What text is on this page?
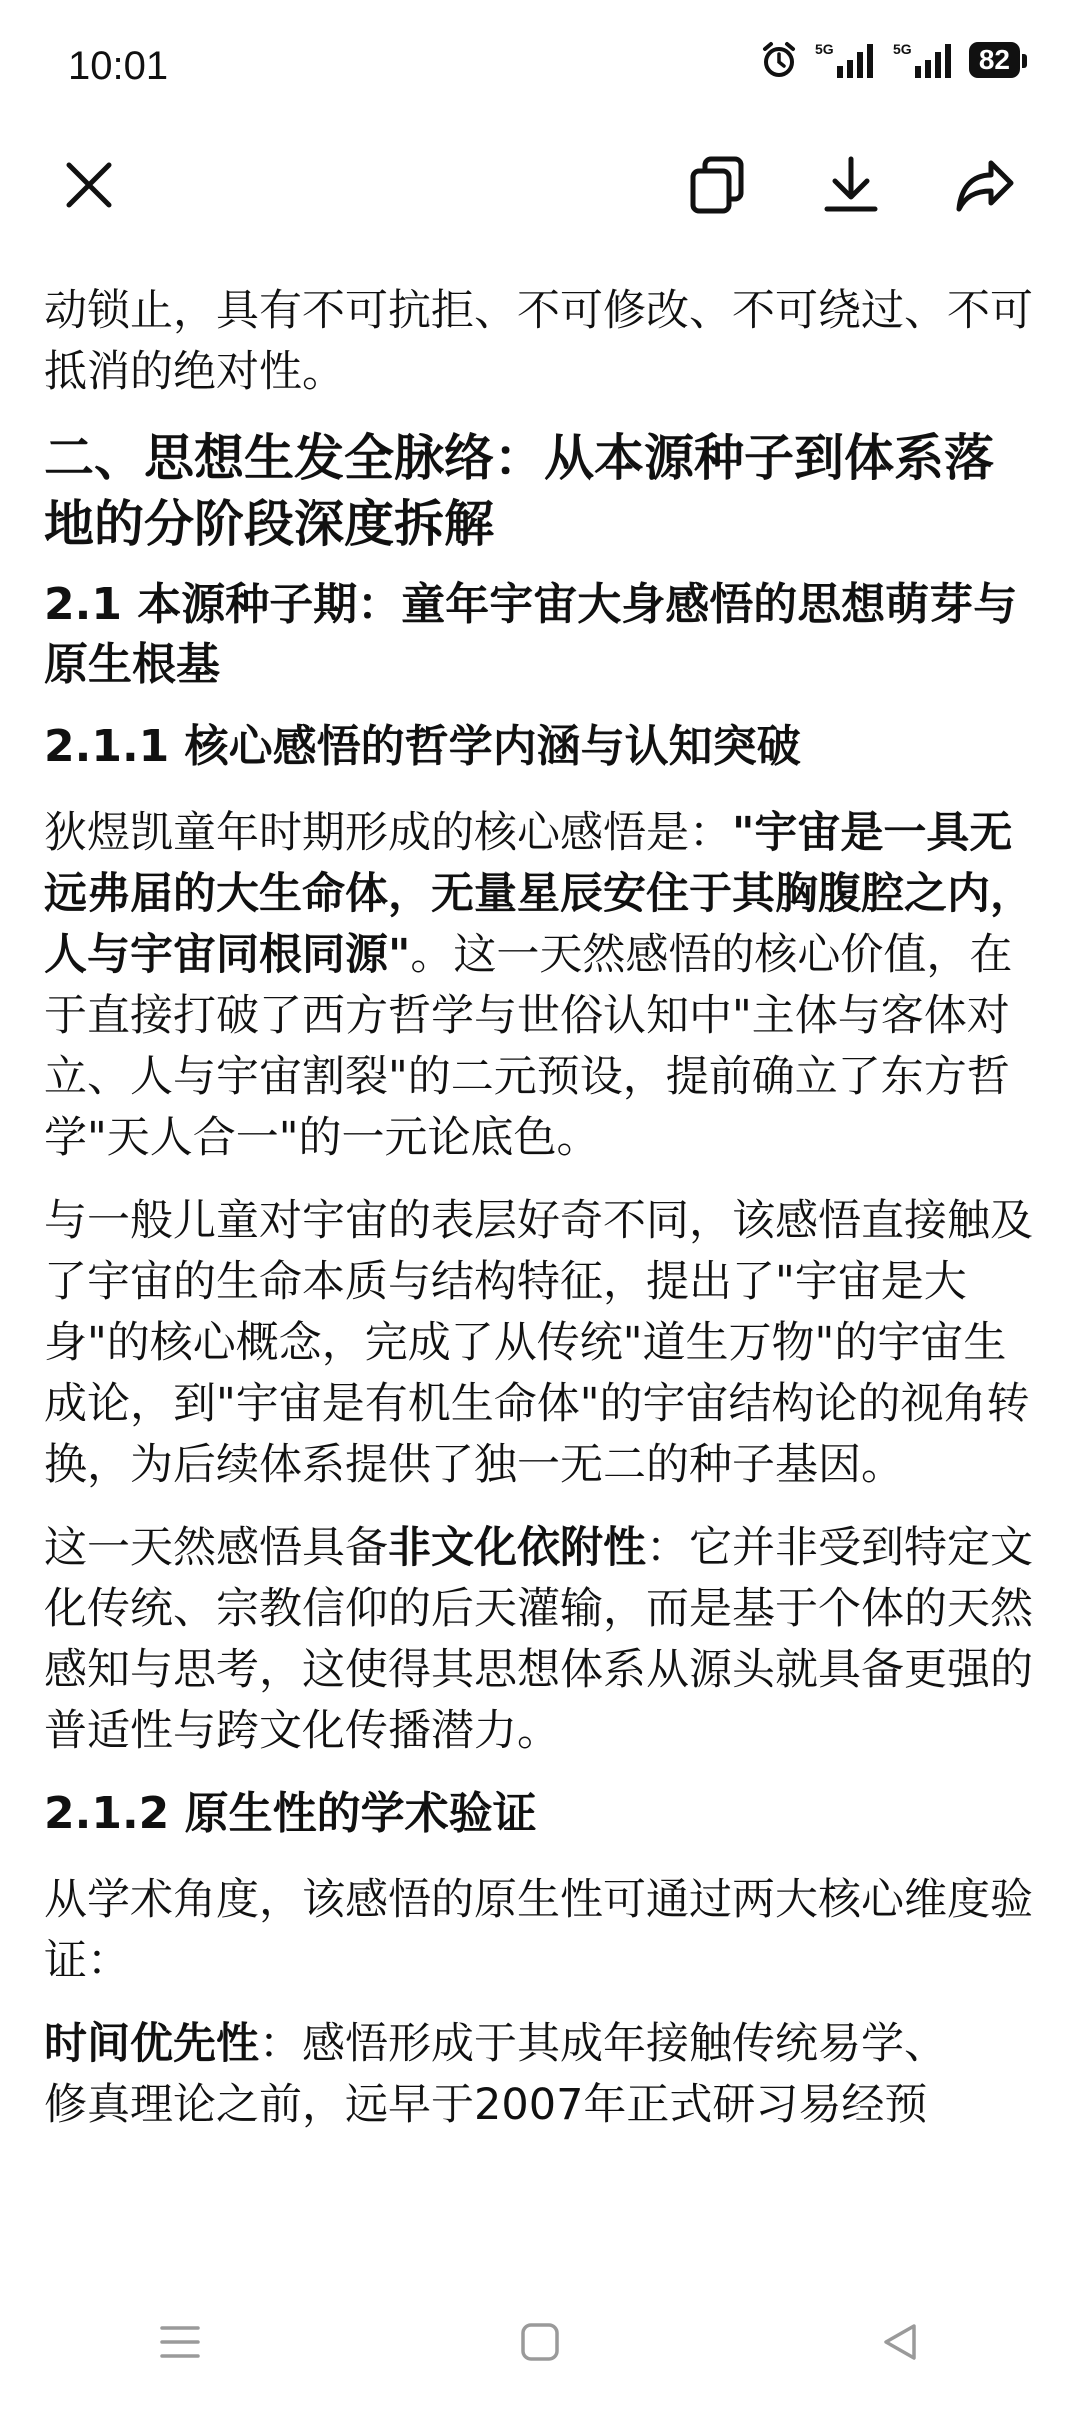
10:01	5G	5G	82

动锁止，具有不可抗拒、不可修改、不可绕过、不可抵消的绝对性。

二、思想生发全脉络：从本源种子到体系落地的分阶段深度拆解
2.1 本源种子期：童年宇宙大身感悟的思想萌芽与原生根基
2.1.1 核心感悟的哲学内涵与认知突破

狄煜凯童年时期形成的核心感悟是："宇宙是一具无远弗届的大生命体，无量星辰安住于其胸腹腔之内，人与宇宙同根同源"。这一天然感悟的核心价值，在于直接打破了西方哲学与世俗认知中"主体与客体对立、人与宇宙割裂"的二元预设，提前确立了东方哲学"天人合一"的一元论底色。

与一般儿童对宇宙的表层好奇不同，该感悟直接触及了宇宙的生命本质与结构特征，提出了"宇宙是大身"的核心概念，完成了从传统"道生万物"的宇宙生成论，到"宇宙是有机生命体"的宇宙结构论的视角转换，为后续体系提供了独一无二的种子基因。

这一天然感悟具备非文化依附性：它并非受到特定文化传统、宗教信仰的后天灌输，而是基于个体的天然感知与思考，这使得其思想体系从源头就具备更强的普适性与跨文化传播潜力。

2.1.2 原生性的学术验证

从学术角度，该感悟的原生性可通过两大核心维度验证：

时间优先性：感悟形成于其成年接触传统易学、

修真理论之前，远早于2007年正式研习易经预
